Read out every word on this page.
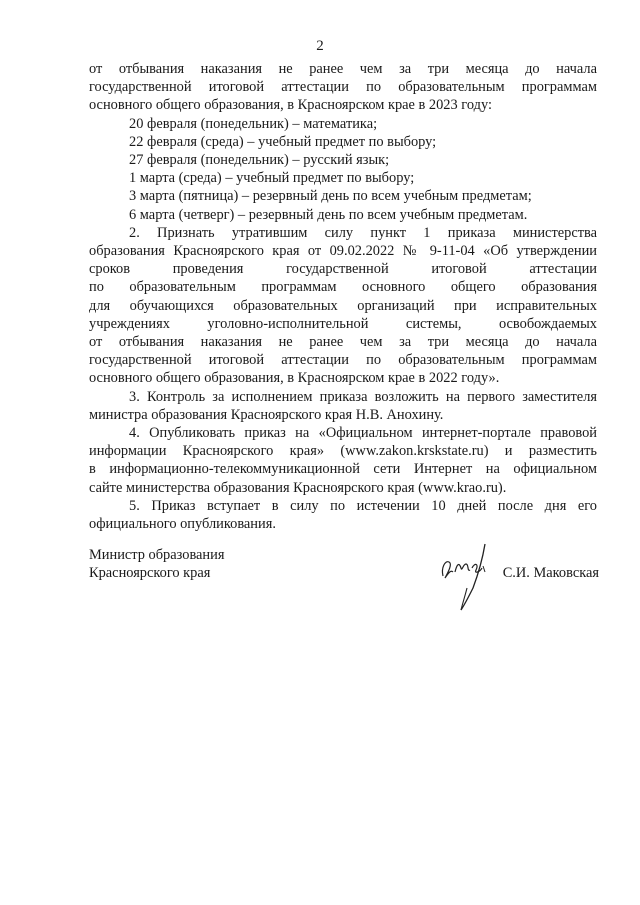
2
от отбывания наказания не ранее чем за три месяца до начала
государственной итоговой аттестации по образовательным программам
основного общего образования, в Красноярском крае в 2023 году:
20 февраля (понедельник) – математика;
22 февраля (среда) – учебный предмет по выбору;
27 февраля (понедельник) – русский язык;
1 марта (среда) – учебный предмет по выбору;
3 марта (пятница) – резервный день по всем учебным предметам;
6 марта (четверг) – резервный день по всем учебным предметам.
2. Признать утратившим силу пункт 1 приказа министерства
образования Красноярского края от 09.02.2022 № 9-11-04 «Об утверждении
сроков проведения государственной итоговой аттестации
по образовательным программам основного общего образования
для обучающихся образовательных организаций при исправительных
учреждениях уголовно-исполнительной системы, освобождаемых
от отбывания наказания не ранее чем за три месяца до начала
государственной итоговой аттестации по образовательным программам
основного общего образования, в Красноярском крае в 2022 году».
3. Контроль за исполнением приказа возложить на первого заместителя
министра образования Красноярского края Н.В. Анохину.
4. Опубликовать приказ на «Официальном интернет-портале правовой
информации Красноярского края» (www.zakon.krskstate.ru) и разместить
в информационно-телекоммуникационной сети Интернет на официальном
сайте министерства образования Красноярского края (www.krao.ru).
5. Приказ вступает в силу по истечении 10 дней после дня его
официального опубликования.
Министр образования
Красноярского края	С.И. Маковская
